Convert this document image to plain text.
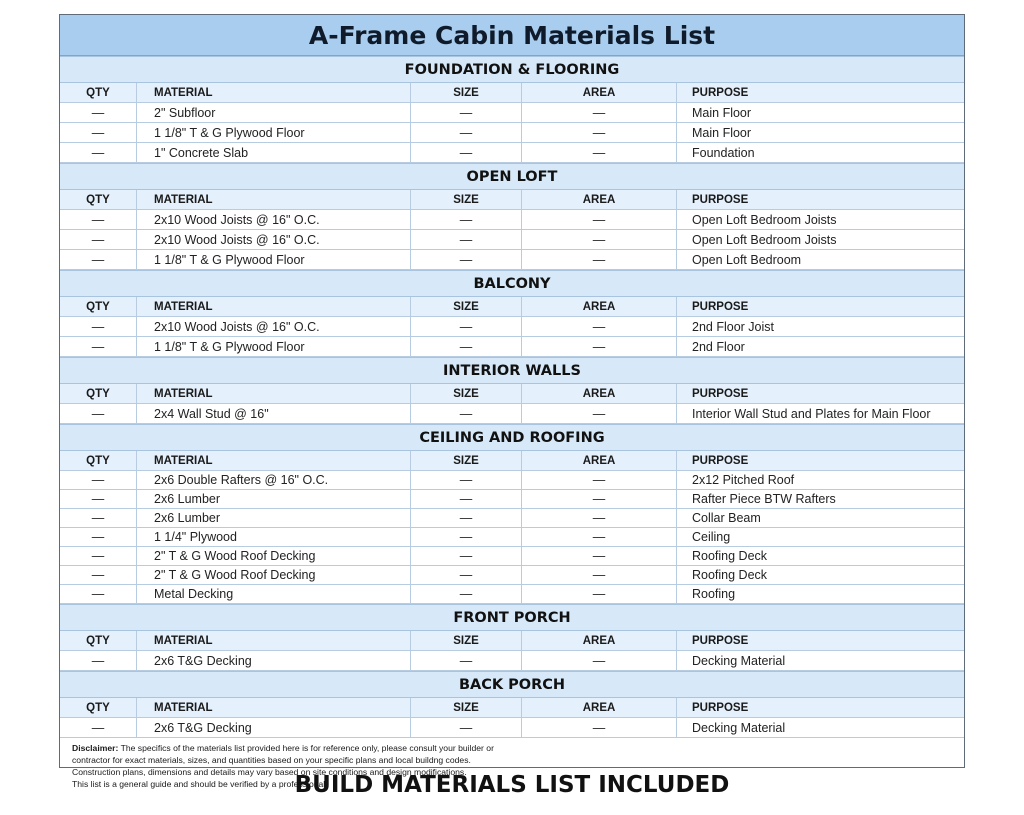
A-Frame Cabin Materials List
FOUNDATION & FLOORING
QTY	MATERIAL	SIZE	AREA	PURPOSE
—	2" Subfloor	—	—	Main Floor
—	1 1/8" T & G Plywood Floor	—	—	Main Floor
—	1" Concrete Slab	—	—	Foundation
OPEN LOFT
QTY	MATERIAL	SIZE	AREA	PURPOSE
—	2x10 Wood Joists @ 16" O.C.	—	—	Open Loft Bedroom Joists
—	2x10 Wood Joists @ 16" O.C.	—	—	Open Loft Bedroom Joists
—	1 1/8" T & G Plywood Floor	—	—	Open Loft Bedroom
BALCONY
QTY	MATERIAL	SIZE	AREA	PURPOSE
—	2x10 Wood Joists @ 16" O.C.	—	—	2nd Floor Joist
—	1 1/8" T & G Plywood Floor	—	—	2nd Floor
INTERIOR WALLS
QTY	MATERIAL	SIZE	AREA	PURPOSE
—	2x4 Wall Stud @ 16"	—	—	Interior Wall Stud and Plates for Main Floor
CEILING AND ROOFING
QTY	MATERIAL	SIZE	AREA	PURPOSE
—	2x6 Double Rafters @ 16" O.C.	—	—	2x12 Pitched Roof
—	2x6 Lumber	—	—	Rafter Piece BTW Rafters
—	2x6 Lumber	—	—	Collar Beam
—	1 1/4" Plywood	—	—	Ceiling
—	2" T & G Wood Roof Decking	—	—	Roofing Deck
—	2" T & G Wood Roof Decking	—	—	Roofing Deck
—	Metal Decking	—	—	Roofing
FRONT PORCH
QTY	MATERIAL	SIZE	AREA	PURPOSE
—	2x6 T&G Decking	—	—	Decking Material
BACK PORCH
QTY	MATERIAL	SIZE	AREA	PURPOSE
—	2x6 T&G Decking	—	—	Decking Material
Disclaimer: The specifics of the materials list provided here is for reference only, please consult your builder or
contractor for exact materials, sizes, and quantities based on your specific plans and local buildng codes.
Construction plans, dimensions and details may vary based on site conditions and design modifications.
This list is a general guide and should be verified by a professional.
BUILD MATERIALS LIST INCLUDED
